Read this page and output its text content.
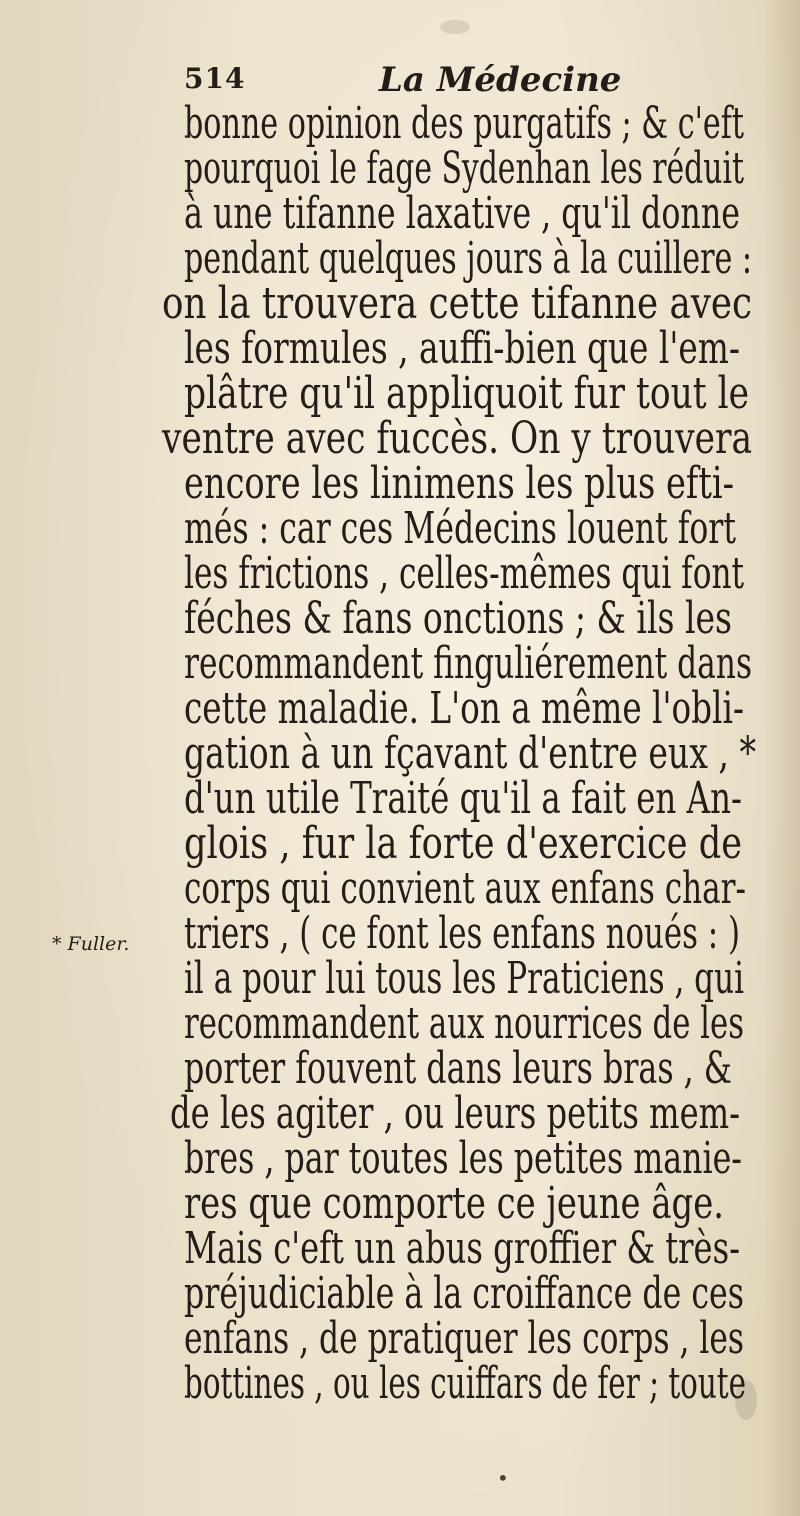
514	La Médecine
bonne opinion des purgatifs ; & c'eft
pourquoi le fage Sydenhan les réduit
à une tifanne laxative , qu'il donne
pendant quelques jours à la cuillere :
on la trouvera cette tifanne avec
les formules , auffi-bien que l'em-
plâtre qu'il appliquoit fur tout le
ventre avec fuccès. On y trouvera
encore les linimens les plus efti-
més : car ces Médecins louent fort
les frictions , celles-mêmes qui font
féches & fans onctions ; & ils les
recommandent finguliérement dans
cette maladie. L'on a même l'obli-
gation à un fçavant d'entre eux , *
d'un utile Traité qu'il a fait en An-
glois , fur la forte d'exercice de
corps qui convient aux enfans char-
triers , ( ce font les enfans noués : )
il a pour lui tous les Praticiens , qui
recommandent aux nourrices de les
porter fouvent dans leurs bras , &
de les agiter , ou leurs petits mem-
bres , par toutes les petites manie-
res que comporte ce jeune âge.
Mais c'eft un abus groffier & très-
préjudiciable à la croiffance de ces
enfans , de pratiquer les corps , les
bottines , ou les cuiffars de fer ; toute
* Fuller.
•
